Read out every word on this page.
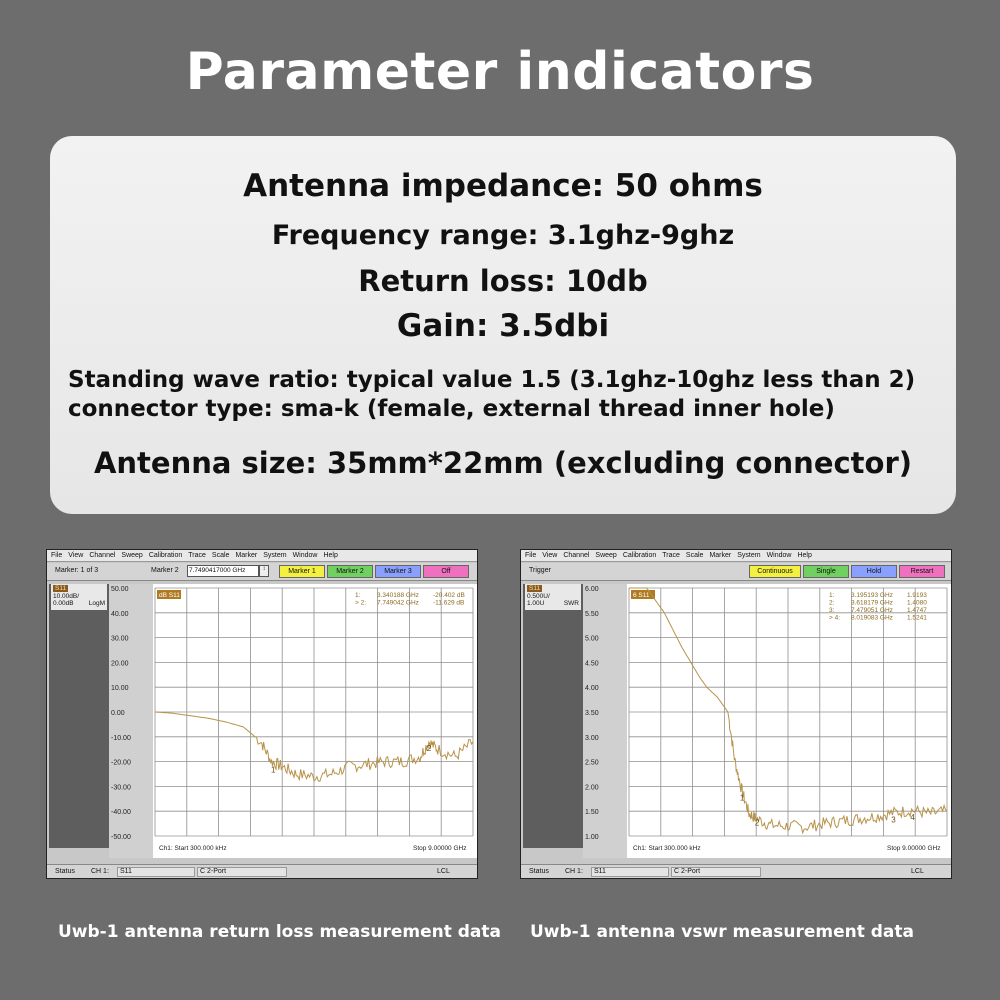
Parameter indicators
Antenna impedance: 50 ohms
Frequency range: 3.1ghz-9ghz
Return loss: 10db
Gain: 3.5dbi
Standing wave ratio: typical value 1.5 (3.1ghz-10ghz less than 2) connector type: sma-k (female, external thread inner hole)
Antenna size: 35mm*22mm (excluding connector)
File View Channel Sweep Calibration Trace Scale Marker System Window Help
Marker: 1 of 3	Marker 2	7.7490417000 GHz	↕	Marker 1	Marker 2	Marker 3	Off
S11
10.00dB/
0.00dB LogM
50.00
40.00
30.00
20.00
10.00
0.00
-10.00
-20.00
-30.00
-40.00
-50.00
dB S11
1
2
1:	3.340188 GHz -20.402 dB
> 2: 7.749042 GHz -11.629 dB
Ch1: Start 300.000 kHz	Stop 9.00000 GHz
Status CH 1:	S11	C 2-Port	LCL
File View Channel Sweep Calibration Trace Scale Marker System Window Help
Trigger	Continuous	Single	Hold	Restart
S11
0.500U/
1.00U	SWR
6.00
5.50
5.00
4.50
4.00
3.50
3.00
2.50
2.00
1.50
1.00
6 S11
1
2	3 4
1:	3.195193 GHz 1.9193
2:	3.618179 GHz 1.4080
3:	7.479051 GHz 1.4747
> 4: 8.019083 GHz 1.5241
Ch1: Start 300.000 kHz	Stop 9.00000 GHz
Status CH 1:	S11	C 2-Port	LCL
Uwb-1 antenna return loss measurement data Uwb-1 antenna vswr measurement data
